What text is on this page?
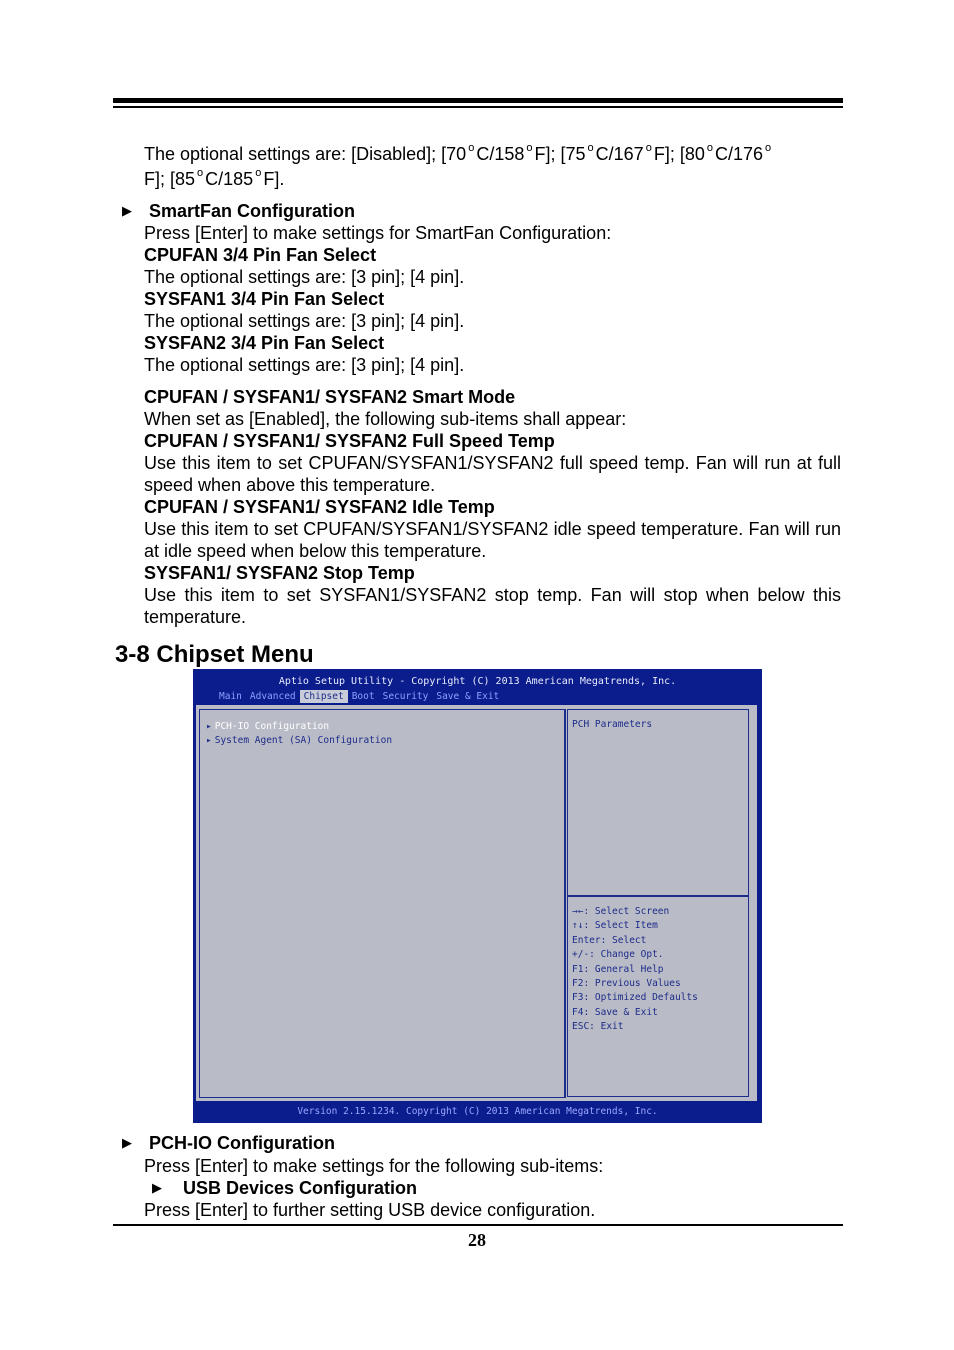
The optional settings are: [Disabled]; [70 $^o$ C/158 $^o$ F]; [75 $^o$ C/167 $^o$ F]; [80 $^o$ C/176 $^o$
F]; [85 $^o$ C/185 $^o$ F].
▶ SmartFan Configuration
Press [Enter] to make settings for SmartFan Configuration:
CPUFAN 3/4 Pin Fan Select
The optional settings are: [3 pin]; [4 pin].
SYSFAN1 3/4 Pin Fan Select
The optional settings are: [3 pin]; [4 pin].
SYSFAN2 3/4 Pin Fan Select
The optional settings are: [3 pin]; [4 pin].
CPUFAN / SYSFAN1/ SYSFAN2 Smart Mode
When set as [Enabled], the following sub-items shall appear:
CPUFAN / SYSFAN1/ SYSFAN2 Full Speed Temp
Use this item to set CPUFAN/SYSFAN1/SYSFAN2 full speed temp. Fan will run at full speed when above this temperature.
CPUFAN / SYSFAN1/ SYSFAN2 Idle Temp
Use this item to set CPUFAN/SYSFAN1/SYSFAN2 idle speed temperature. Fan will run at idle speed when below this temperature.
SYSFAN1/ SYSFAN2 Stop Temp
Use this item to set SYSFAN1/SYSFAN2 stop temp. Fan will stop when below this temperature.
3-8 Chipset Menu
Aptio Setup Utility - Copyright (C) 2013 American Megatrends, Inc.
Main Advanced Chipset Boot Security Save & Exit
▸ PCH-IO Configuration
▸ System Agent (SA) Configuration
PCH Parameters
→←: Select Screen
↑↓: Select Item
Enter: Select
+/-: Change Opt.
F1: General Help
F2: Previous Values
F3: Optimized Defaults
F4: Save & Exit
ESC: Exit
Version 2.15.1234. Copyright (C) 2013 American Megatrends, Inc.
▶ PCH-IO Configuration
Press [Enter] to make settings for the following sub-items:
▶ USB Devices Configuration
Press [Enter] to further setting USB device configuration.
28
